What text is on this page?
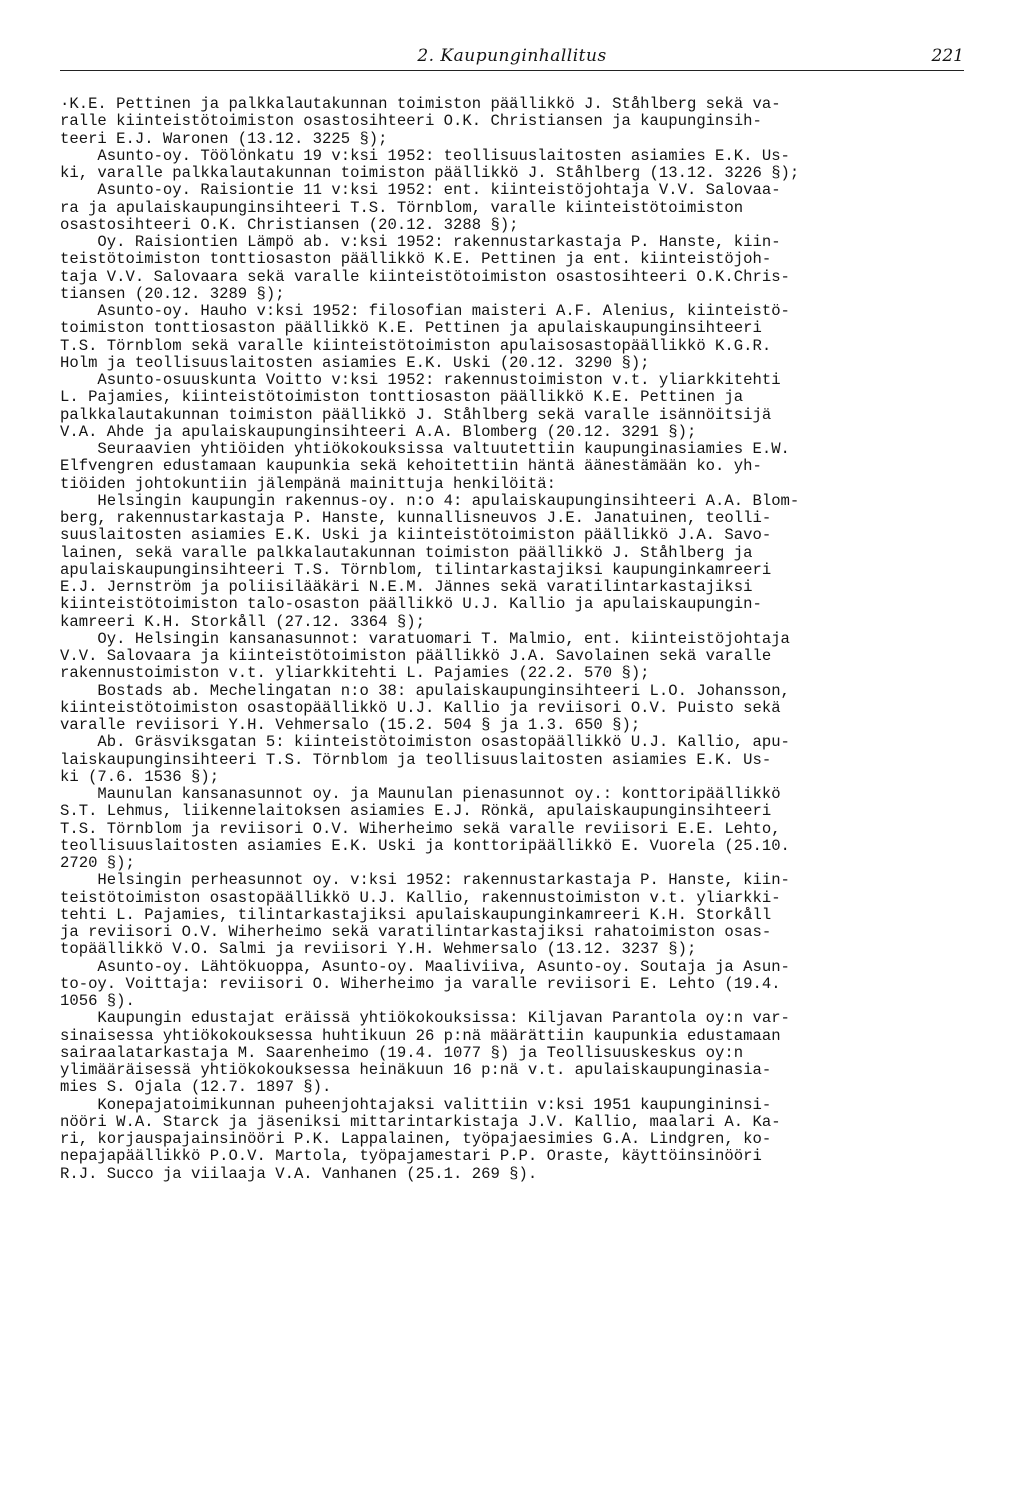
2. Kaupunginhallitus	221
·K.E. Pettinen ja palkkalautakunnan toimiston päällikkö J. Ståhlberg sekä va-
ralle kiinteistötoimiston osastosihteeri O.K. Christiansen ja kaupunginsih-
teeri E.J. Waronen (13.12. 3225 §);
Asunto-oy. Töölönkatu 19 v:ksi 1952: teollisuuslaitosten asiamies E.K. Us-
ki, varalle palkkalautakunnan toimiston päällikkö J. Ståhlberg (13.12. 3226 §);
Asunto-oy. Raisiontie 11 v:ksi 1952: ent. kiinteistöjohtaja V.V. Salovaa-
ra ja apulaiskaupunginsihteeri T.S. Törnblom, varalle kiinteistötoimiston
osastosihteeri O.K. Christiansen (20.12. 3288 §);
Oy. Raisiontien Lämpö ab. v:ksi 1952: rakennustarkastaja P. Hanste, kiin-
teistötoimiston tonttiosaston päällikkö K.E. Pettinen ja ent. kiinteistöjoh-
taja V.V. Salovaara sekä varalle kiinteistötoimiston osastosihteeri O.K.Chris-
tiansen (20.12. 3289 §);
Asunto-oy. Hauho v:ksi 1952: filosofian maisteri A.F. Alenius, kiinteistö-
toimiston tonttiosaston päällikkö K.E. Pettinen ja apulaiskaupunginsihteeri
T.S. Törnblom sekä varalle kiinteistötoimiston apulaisosastopäällikkö K.G.R.
Holm ja teollisuuslaitosten asiamies E.K. Uski (20.12. 3290 §);
Asunto-osuuskunta Voitto v:ksi 1952: rakennustoimiston v.t. yliarkkitehti
L. Pajamies, kiinteistötoimiston tonttiosaston päällikkö K.E. Pettinen ja
palkkalautakunnan toimiston päällikkö J. Ståhlberg sekä varalle isännöitsijä
V.A. Ahde ja apulaiskaupunginsihteeri A.A. Blomberg (20.12. 3291 §);
Seuraavien yhtiöiden yhtiökokouksissa valtuutettiin kaupunginasiamies E.W.
Elfvengren edustamaan kaupunkia sekä kehoitettiin häntä äänestämään ko. yh-
tiöiden johtokuntiin jälempänä mainittuja henkilöitä:
Helsingin kaupungin rakennus-oy. n:o 4: apulaiskaupunginsihteeri A.A. Blom-
berg, rakennustarkastaja P. Hanste, kunnallisneuvos J.E. Janatuinen, teolli-
suuslaitosten asiamies E.K. Uski ja kiinteistötoimiston päällikkö J.A. Savo-
lainen, sekä varalle palkkalautakunnan toimiston päällikkö J. Ståhlberg ja
apulaiskaupunginsihteeri T.S. Törnblom, tilintarkastajiksi kaupunginkamreeri
E.J. Jernström ja poliisilääkäri N.E.M. Jännes sekä varatilintarkastajiksi
kiinteistötoimiston talo-osaston päällikkö U.J. Kallio ja apulaiskaupungin-
kamreeri K.H. Storkåll (27.12. 3364 §);
Oy. Helsingin kansanasunnot: varatuomari T. Malmio, ent. kiinteistöjohtaja
V.V. Salovaara ja kiinteistötoimiston päällikkö J.A. Savolainen sekä varalle
rakennustoimiston v.t. yliarkkitehti L. Pajamies (22.2. 570 §);
Bostads ab. Mechelingatan n:o 38: apulaiskaupunginsihteeri L.O. Johansson,
kiinteistötoimiston osastopäällikkö U.J. Kallio ja reviisori O.V. Puisto sekä
varalle reviisori Y.H. Vehmersalo (15.2. 504 § ja 1.3. 650 §);
Ab. Gräsviksgatan 5: kiinteistötoimiston osastopäällikkö U.J. Kallio, apu-
laiskaupunginsihteeri T.S. Törnblom ja teollisuuslaitosten asiamies E.K. Us-
ki (7.6. 1536 §);
Maunulan kansanasunnot oy. ja Maunulan pienasunnot oy.: konttoripäällikkö
S.T. Lehmus, liikennelaitoksen asiamies E.J. Rönkä, apulaiskaupunginsihteeri
T.S. Törnblom ja reviisori O.V. Wiherheimo sekä varalle reviisori E.E. Lehto,
teollisuuslaitosten asiamies E.K. Uski ja konttoripäällikkö E. Vuorela (25.10.
2720 §);
Helsingin perheasunnot oy. v:ksi 1952: rakennustarkastaja P. Hanste, kiin-
teistötoimiston osastopäällikkö U.J. Kallio, rakennustoimiston v.t. yliarkki-
tehti L. Pajamies, tilintarkastajiksi apulaiskaupunginkamreeri K.H. Storkåll
ja reviisori O.V. Wiherheimo sekä varatilintarkastajiksi rahatoimiston osas-
topäällikkö V.O. Salmi ja reviisori Y.H. Wehmersalo (13.12. 3237 §);
Asunto-oy. Lähtökuoppa, Asunto-oy. Maaliviiva, Asunto-oy. Soutaja ja Asun-
to-oy. Voittaja: reviisori O. Wiherheimo ja varalle reviisori E. Lehto (19.4.
1056 §).
Kaupungin edustajat eräissä yhtiökokouksissa: Kiljavan Parantola oy:n var-
sinaisessa yhtiökokouksessa huhtikuun 26 p:nä määrättiin kaupunkia edustamaan
sairaalatarkastaja M. Saarenheimo (19.4. 1077 §) ja Teollisuuskeskus oy:n
ylimääräisessä yhtiökokouksessa heinäkuun 16 p:nä v.t. apulaiskaupunginasia-
mies S. Ojala (12.7. 1897 §).
Konepajatoimikunnan puheenjohtajaksi valittiin v:ksi 1951 kaupungininsi-
nööri W.A. Starck ja jäseniksi mittarintarkistaja J.V. Kallio, maalari A. Ka-
ri, korjauspajainsinööri P.K. Lappalainen, työpajaesimies G.A. Lindgren, ko-
nepajapäällikkö P.O.V. Martola, työpajamestari P.P. Oraste, käyttöinsinööri
R.J. Succo ja viilaaja V.A. Vanhanen (25.1. 269 §).
